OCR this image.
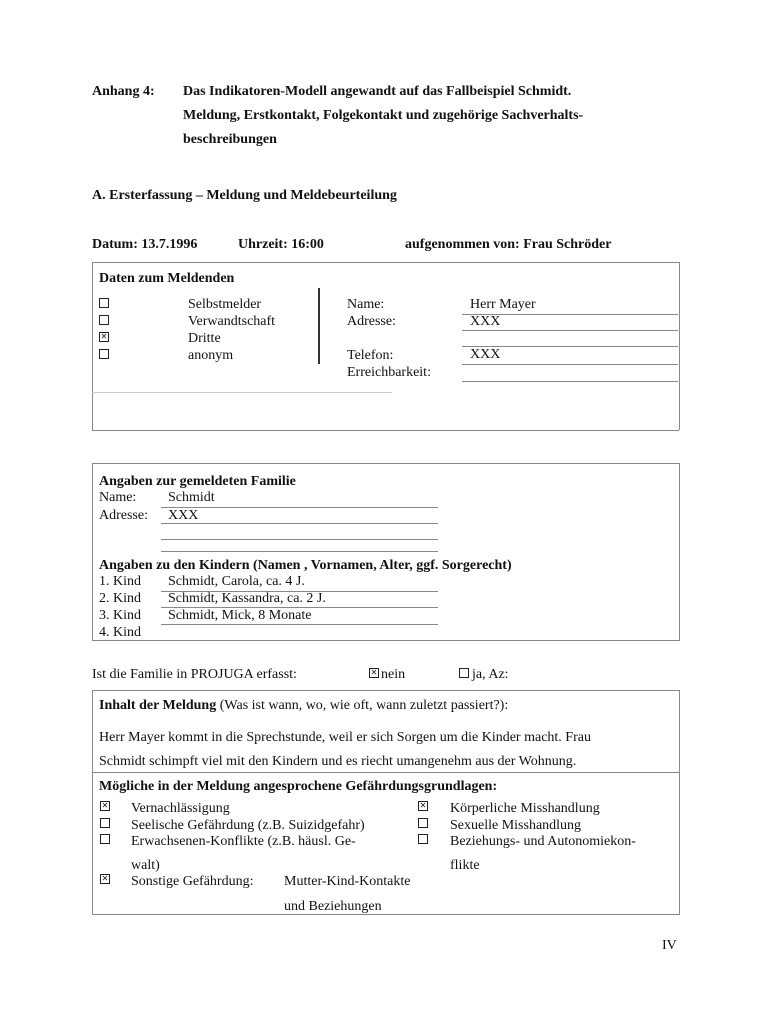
Anhang 4: Das Indikatoren-Modell angewandt auf das Fallbeispiel Schmidt.
Meldung, Erstkontakt, Folgekontakt und zugehörige Sachverhalts-
beschreibungen
A. Ersterfassung – Meldung und Meldebeurteilung
Datum: 13.7.1996	Uhrzeit: 16:00	aufgenommen von: Frau Schröder
Daten zum Meldenden
Selbstmelder
Verwandtschaft
✕
Dritte
anonym
Name:	Herr Mayer
Adresse:	XXX
Telefon:	XXX
Erreichbarkeit:
Angaben zur gemeldeten Familie
Name: Schmidt
Adresse: XXX
Angaben zu den Kindern (Namen , Vornamen, Alter, ggf. Sorgerecht)
1. Kind Schmidt, Carola, ca. 4 J.
2. Kind Schmidt, Kassandra, ca. 2 J.
3. Kind Schmidt, Mick, 8 Monate
4. Kind
Ist die Familie in PROJUGA erfasst:
✕	nein	ja, Az:
Inhalt der Meldung (Was ist wann, wo, wie oft, wann zuletzt passiert?):
Herr Mayer kommt in die Sprechstunde, weil er sich Sorgen um die Kinder macht. Frau
Schmidt schimpft viel mit den Kindern und es riecht umangenehm aus der Wohnung.
Mögliche in der Meldung angesprochene Gefährdungsgrundlagen:
✕
Vernachlässigung
Seelische Gefährdung (z.B. Suizidgefahr)
Erwachsenen-Konflikte (z.B. häusl. Ge-
walt)
✕
Sonstige Gefährdung: Mutter-Kind-Kontakte
und Beziehungen
✕
Körperliche Misshandlung
Sexuelle Misshandlung
Beziehungs- und Autonomiekon-
flikte
IV
